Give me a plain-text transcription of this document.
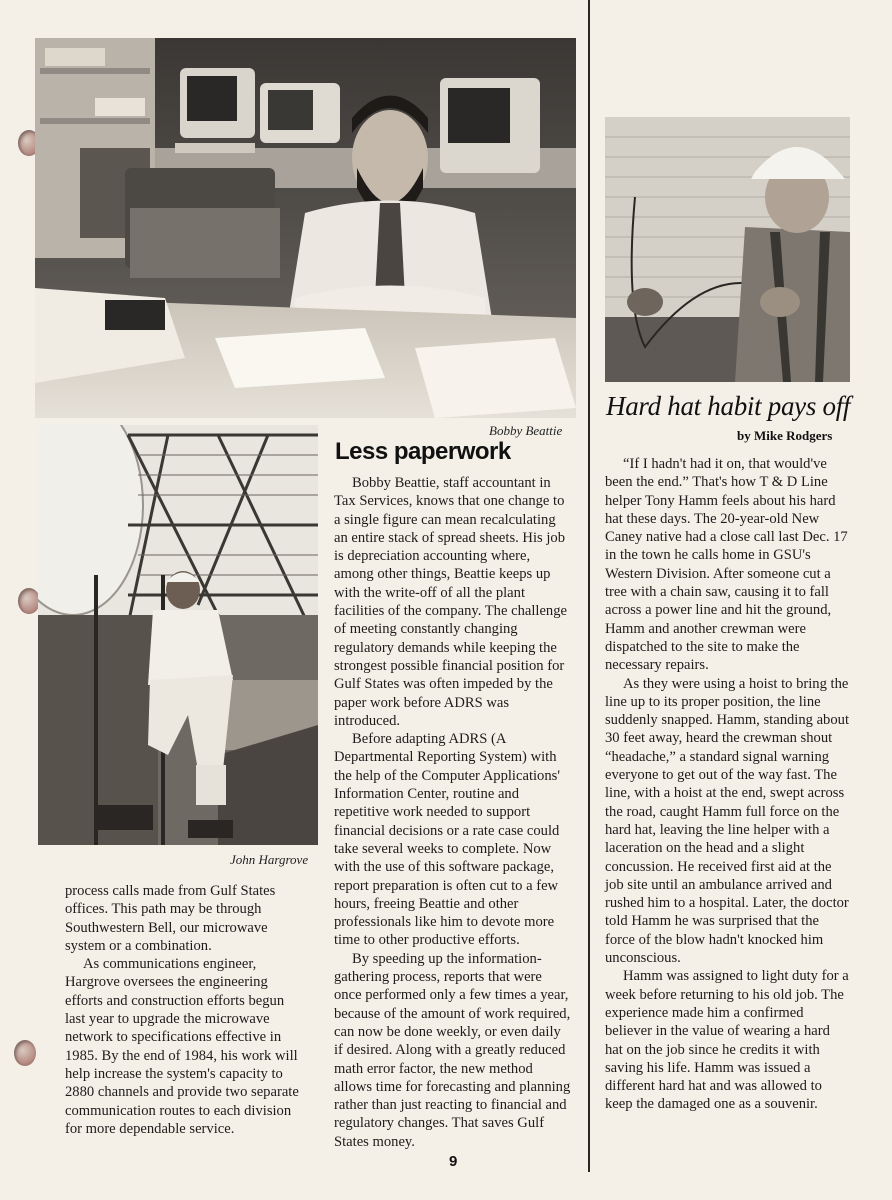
Bobby Beattie
John Hargrove
Hard hat habit pays off
by Mike Rodgers
Less paperwork

Bobby Beattie, staff accountant in Tax Services, knows that one change to a single figure can mean recalculating an entire stack of spread sheets. His job is depreciation accounting where, among other things, Beattie keeps up with the write-off of all the plant facilities of the company. The challenge of meeting constantly changing regulatory demands while keeping the strongest possible financial position for Gulf States was often impeded by the paper work before ADRS was introduced.

Before adapting ADRS (A Departmental Reporting System) with the help of the Computer Applications' Information Center, routine and repetitive work needed to support financial decisions or a rate case could take several weeks to complete. Now with the use of this software package, report preparation is often cut to a few hours, freeing Beattie and other professionals like him to devote more time to other productive efforts.

By speeding up the information-gathering process, reports that were once performed only a few times a year, because of the amount of work required, can now be done weekly, or even daily if desired. Along with a greatly reduced math error factor, the new method allows time for forecasting and planning rather than just reacting to financial and regulatory changes. That saves Gulf States money.

process calls made from Gulf States offices. This path may be through Southwestern Bell, our microwave system or a combination.

As communications engineer, Hargrove oversees the engineering efforts and construction efforts begun last year to upgrade the microwave network to specifications effective in 1985. By the end of 1984, his work will help increase the system's capacity to 2880 channels and provide two separate communication routes to each division for more dependable service.

“If I hadn't had it on, that would've been the end.” That's how T & D Line helper Tony Hamm feels about his hard hat these days. The 20-year-old New Caney native had a close call last Dec. 17 in the town he calls home in GSU's Western Division. After someone cut a tree with a chain saw, causing it to fall across a power line and hit the ground, Hamm and another crewman were dispatched to the site to make the necessary repairs.

As they were using a hoist to bring the line up to its proper position, the line suddenly snapped. Hamm, standing about 30 feet away, heard the crewman shout “headache,” a standard signal warning everyone to get out of the way fast. The line, with a hoist at the end, swept across the road, caught Hamm full force on the hard hat, leaving the line helper with a laceration on the head and a slight concussion. He received first aid at the job site until an ambulance arrived and rushed him to a hospital. Later, the doctor told Hamm he was surprised that the force of the blow hadn't knocked him unconscious.

Hamm was assigned to light duty for a week before returning to his old job. The experience made him a confirmed believer in the value of wearing a hard hat on the job since he credits it with saving his life. Hamm was issued a different hard hat and was allowed to keep the damaged one as a souvenir.

9
